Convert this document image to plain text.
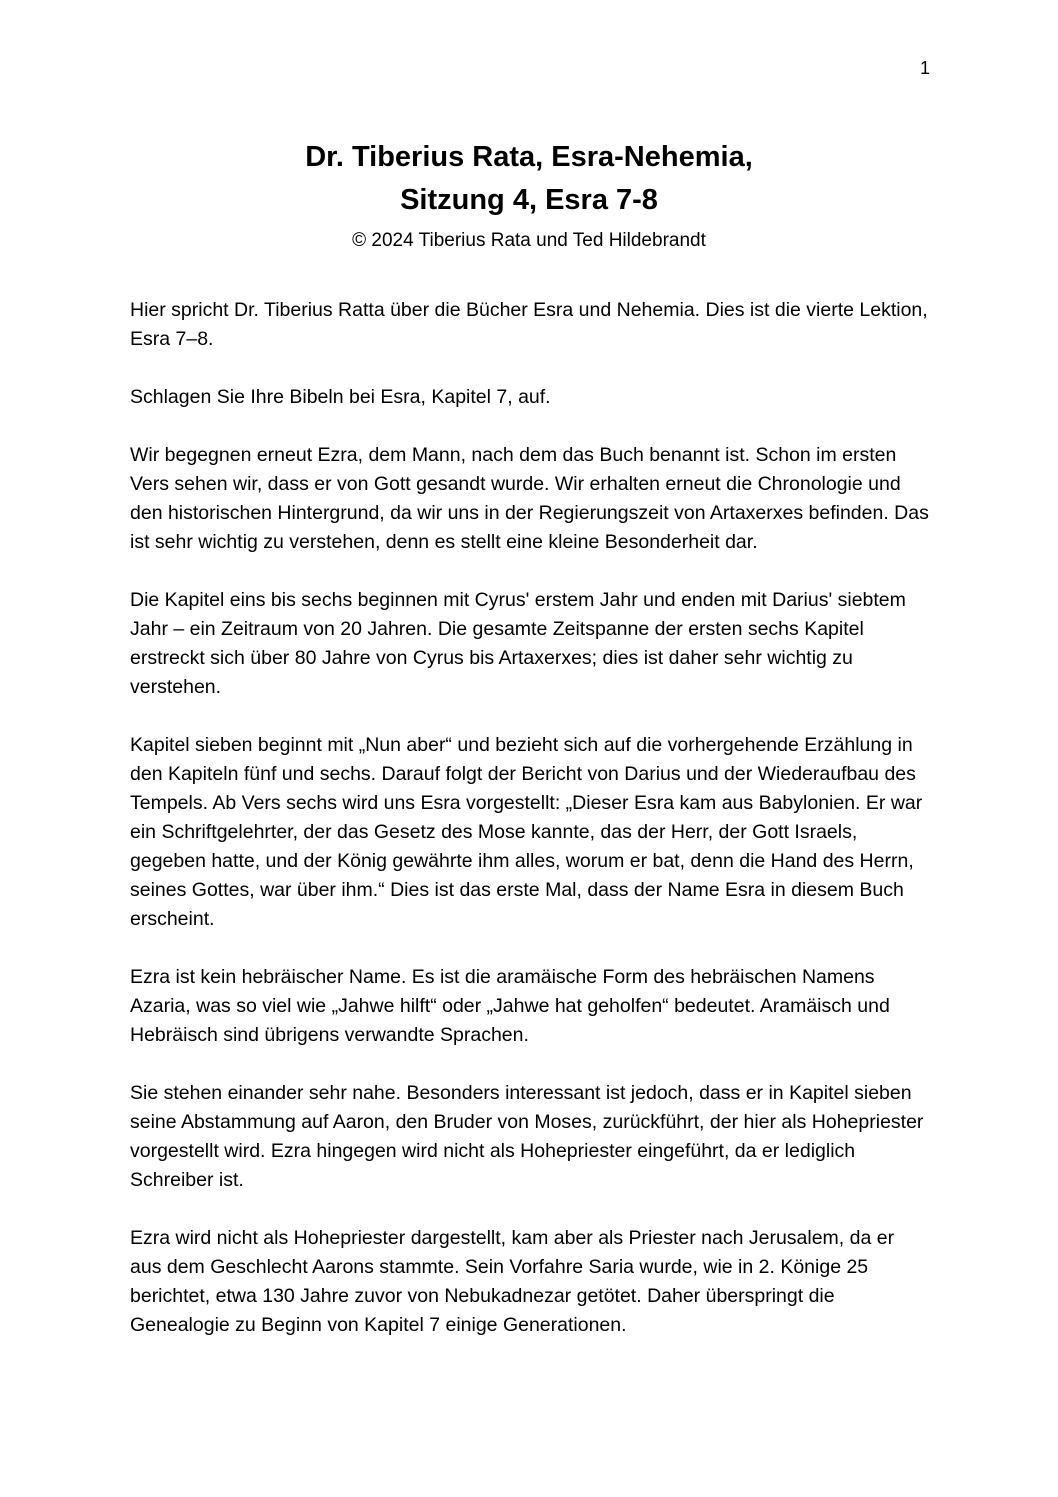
1
Dr. Tiberius Rata, Esra-Nehemia,
Sitzung 4, Esra 7-8
© 2024 Tiberius Rata und Ted Hildebrandt

Hier spricht Dr. Tiberius Ratta über die Bücher Esra und Nehemia. Dies ist die vierte Lektion, Esra 7–8.

Schlagen Sie Ihre Bibeln bei Esra, Kapitel 7, auf.

Wir begegnen erneut Ezra, dem Mann, nach dem das Buch benannt ist. Schon im ersten Vers sehen wir, dass er von Gott gesandt wurde. Wir erhalten erneut die Chronologie und den historischen Hintergrund, da wir uns in der Regierungszeit von Artaxerxes befinden. Das ist sehr wichtig zu verstehen, denn es stellt eine kleine Besonderheit dar.

Die Kapitel eins bis sechs beginnen mit Cyrus' erstem Jahr und enden mit Darius' siebtem Jahr – ein Zeitraum von 20 Jahren. Die gesamte Zeitspanne der ersten sechs Kapitel erstreckt sich über 80 Jahre von Cyrus bis Artaxerxes; dies ist daher sehr wichtig zu verstehen.

Kapitel sieben beginnt mit „Nun aber“ und bezieht sich auf die vorhergehende Erzählung in den Kapiteln fünf und sechs. Darauf folgt der Bericht von Darius und der Wiederaufbau des Tempels. Ab Vers sechs wird uns Esra vorgestellt: „Dieser Esra kam aus Babylonien. Er war ein Schriftgelehrter, der das Gesetz des Mose kannte, das der Herr, der Gott Israels, gegeben hatte, und der König gewährte ihm alles, worum er bat, denn die Hand des Herrn, seines Gottes, war über ihm.“ Dies ist das erste Mal, dass der Name Esra in diesem Buch erscheint.

Ezra ist kein hebräischer Name. Es ist die aramäische Form des hebräischen Namens Azaria, was so viel wie „Jahwe hilft“ oder „Jahwe hat geholfen“ bedeutet. Aramäisch und Hebräisch sind übrigens verwandte Sprachen.

Sie stehen einander sehr nahe. Besonders interessant ist jedoch, dass er in Kapitel sieben seine Abstammung auf Aaron, den Bruder von Moses, zurückführt, der hier als Hohepriester vorgestellt wird. Ezra hingegen wird nicht als Hohepriester eingeführt, da er lediglich Schreiber ist.

Ezra wird nicht als Hohepriester dargestellt, kam aber als Priester nach Jerusalem, da er aus dem Geschlecht Aarons stammte. Sein Vorfahre Saria wurde, wie in 2. Könige 25 berichtet, etwa 130 Jahre zuvor von Nebukadnezar getötet. Daher überspringt die Genealogie zu Beginn von Kapitel 7 einige Generationen.
